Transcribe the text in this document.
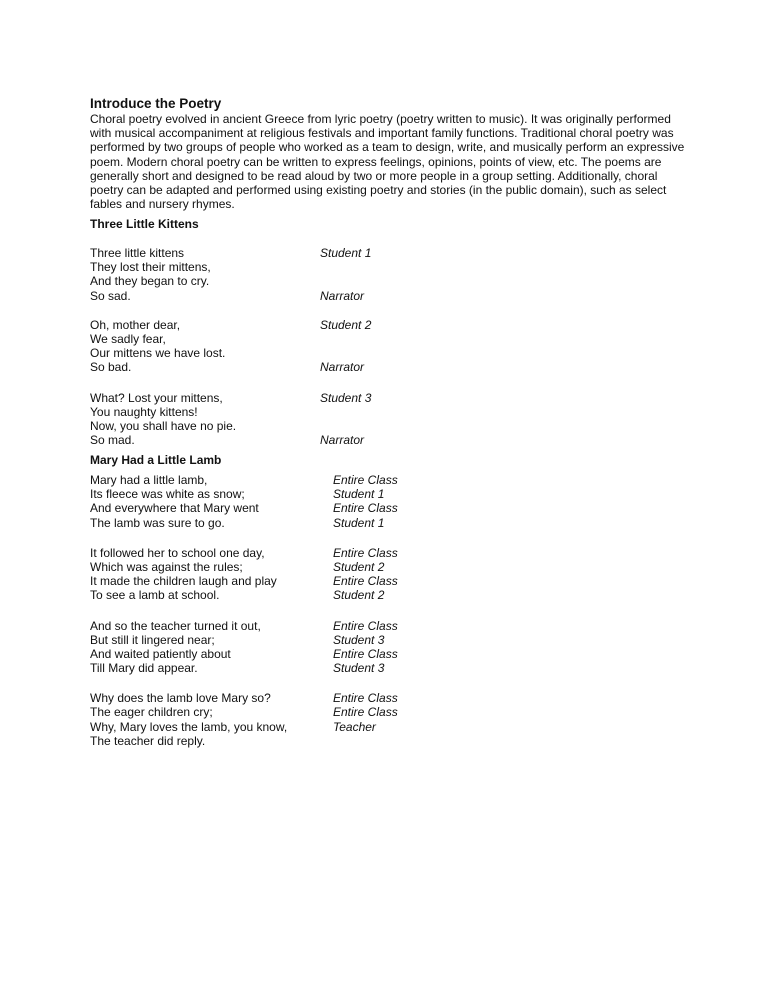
Introduce the Poetry

Choral poetry evolved in ancient Greece from lyric poetry (poetry written to music). It was originally performed with musical accompaniment at religious festivals and important family functions. Traditional choral poetry was performed by two groups of people who worked as a team to design, write, and musically perform an expressive poem. Modern choral poetry can be written to express feelings, opinions, points of view, etc. The poems are generally short and designed to be read aloud by two or more people in a group setting. Additionally, choral poetry can be adapted and performed using existing poetry and stories (in the public domain), such as select fables and nursery rhymes.

Three Little Kittens
Three little kittens	Student 1
They lost their mittens,
And they began to cry.
So sad.	Narrator
Oh, mother dear,	Student 2
We sadly fear,
Our mittens we have lost.
So bad.	Narrator
What? Lost your mittens,	Student 3
You naughty kittens!
Now, you shall have no pie.
So mad.	Narrator
Mary Had a Little Lamb
Mary had a little lamb,	Entire Class
Its fleece was white as snow;	Student 1
And everywhere that Mary went	Entire Class
The lamb was sure to go.	Student 1
It followed her to school one day,	Entire Class
Which was against the rules;	Student 2
It made the children laugh and play	Entire Class
To see a lamb at school.	Student 2
And so the teacher turned it out,	Entire Class
But still it lingered near;	Student 3
And waited patiently about	Entire Class
Till Mary did appear.	Student 3
Why does the lamb love Mary so?	Entire Class
The eager children cry;	Entire Class
Why, Mary loves the lamb, you know,	Teacher
The teacher did reply.
